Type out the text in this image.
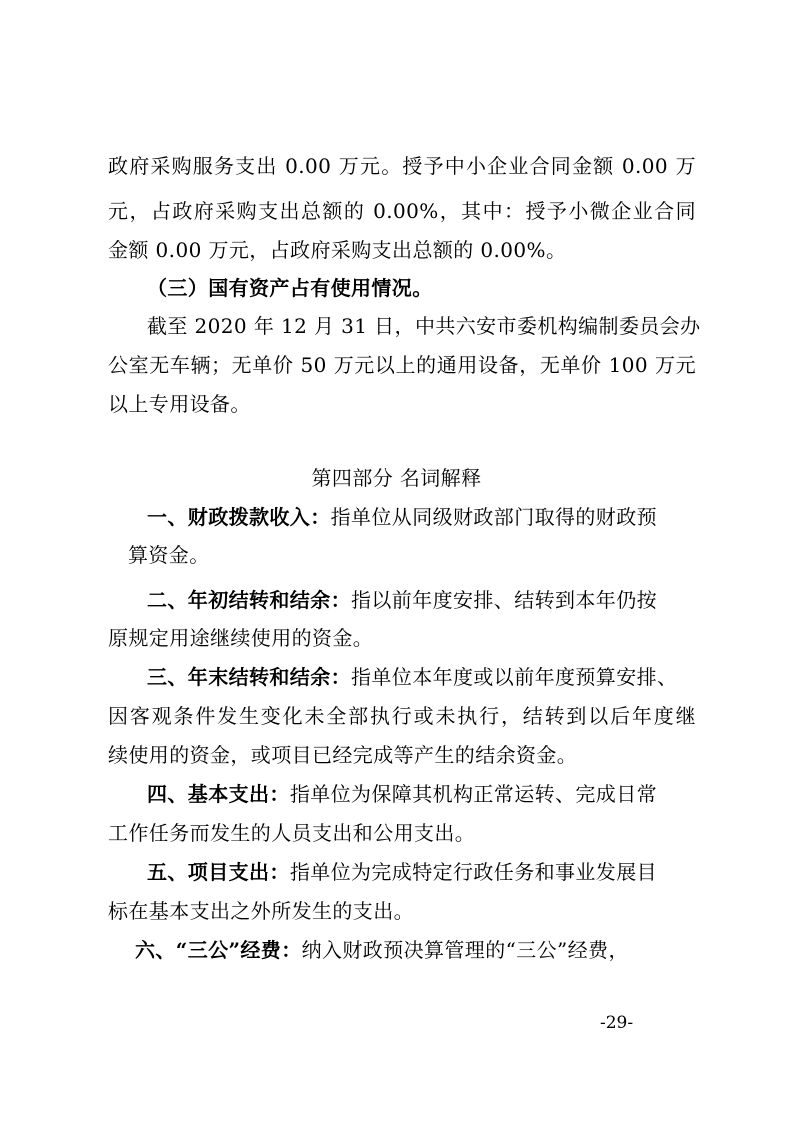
政府采购服务支出 0.00 万元。授予中小企业合同金额 0.00 万
元，占政府采购支出总额的 0.00%，其中：授予小微企业合同
金额 0.00 万元，占政府采购支出总额的 0.00%。
（三）国有资产占有使用情况。
截至 2020 年 12 月 31 日，中共六安市委机构编制委员会办
公室无车辆；无单价 50 万元以上的通用设备，无单价 100 万元
以上专用设备。
第四部分 名词解释
一、财政拨款收入：指单位从同级财政部门取得的财政预
算资金。
二、年初结转和结余：指以前年度安排、结转到本年仍按
原规定用途继续使用的资金。
三、年末结转和结余：指单位本年度或以前年度预算安排、
因客观条件发生变化未全部执行或未执行，结转到以后年度继
续使用的资金，或项目已经完成等产生的结余资金。
四、基本支出：指单位为保障其机构正常运转、完成日常
工作任务而发生的人员支出和公用支出。
五、项目支出：指单位为完成特定行政任务和事业发展目
标在基本支出之外所发生的支出。
六、“三公”经费：纳入财政预决算管理的“三公”经费，
-29-
